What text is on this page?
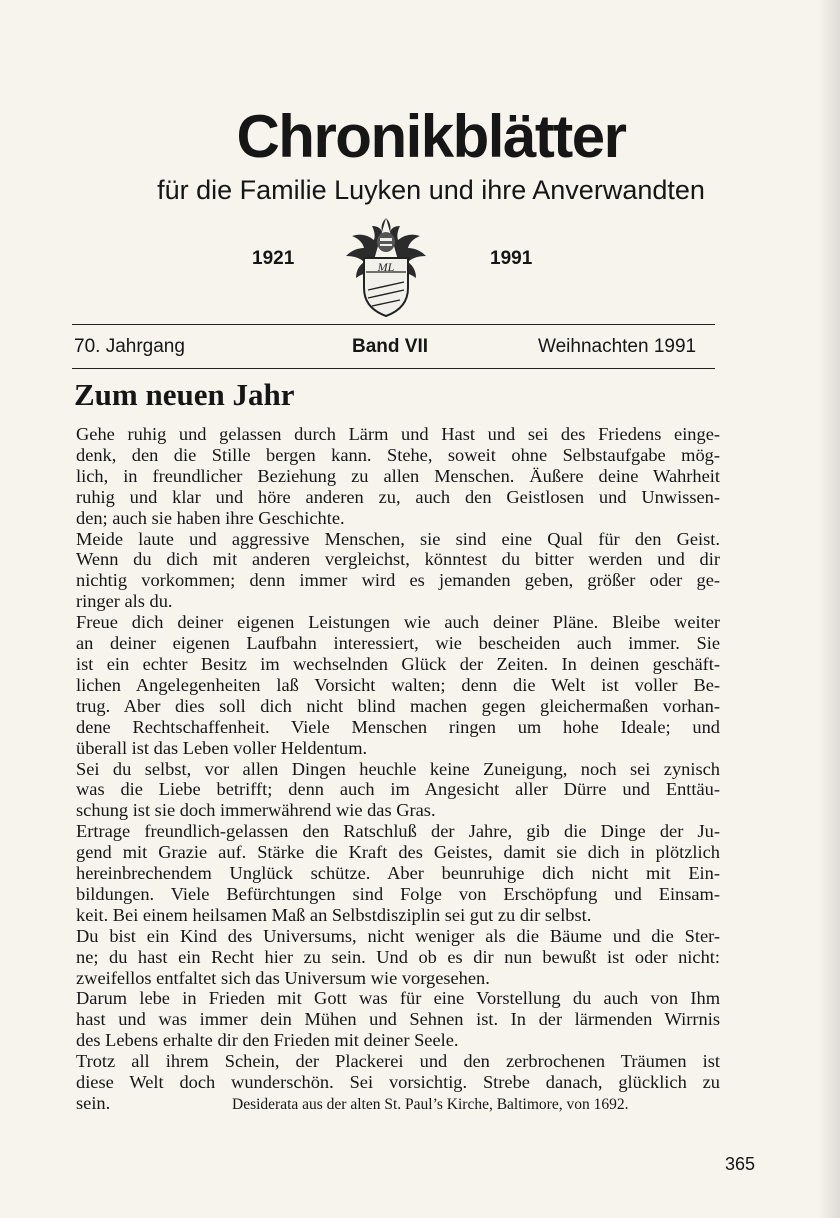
Chronikblätter
für die Familie Luyken und ihre Anverwandten
1921	ML	1991
70. Jahrgang	Band VII	Weihnachten 1991
Zum neuen Jahr
Gehe ruhig und gelassen durch Lärm und Hast und sei des Friedens einge-
denk, den die Stille bergen kann. Stehe, soweit ohne Selbstaufgabe mög-
lich, in freundlicher Beziehung zu allen Menschen. Äußere deine Wahrheit
ruhig und klar und höre anderen zu, auch den Geistlosen und Unwissen-
den; auch sie haben ihre Geschichte.
Meide laute und aggressive Menschen, sie sind eine Qual für den Geist.
Wenn du dich mit anderen vergleichst, könntest du bitter werden und dir
nichtig vorkommen; denn immer wird es jemanden geben, größer oder ge-
ringer als du.
Freue dich deiner eigenen Leistungen wie auch deiner Pläne. Bleibe weiter
an deiner eigenen Laufbahn interessiert, wie bescheiden auch immer. Sie
ist ein echter Besitz im wechselnden Glück der Zeiten. In deinen geschäft-
lichen Angelegenheiten laß Vorsicht walten; denn die Welt ist voller Be-
trug. Aber dies soll dich nicht blind machen gegen gleichermaßen vorhan-
dene Rechtschaffenheit. Viele Menschen ringen um hohe Ideale; und
überall ist das Leben voller Heldentum.
Sei du selbst, vor allen Dingen heuchle keine Zuneigung, noch sei zynisch
was die Liebe betrifft; denn auch im Angesicht aller Dürre und Enttäu-
schung ist sie doch immerwährend wie das Gras.
Ertrage freundlich-gelassen den Ratschluß der Jahre, gib die Dinge der Ju-
gend mit Grazie auf. Stärke die Kraft des Geistes, damit sie dich in plötzlich
hereinbrechendem Unglück schütze. Aber beunruhige dich nicht mit Ein-
bildungen. Viele Befürchtungen sind Folge von Erschöpfung und Einsam-
keit. Bei einem heilsamen Maß an Selbstdisziplin sei gut zu dir selbst.
Du bist ein Kind des Universums, nicht weniger als die Bäume und die Ster-
ne; du hast ein Recht hier zu sein. Und ob es dir nun bewußt ist oder nicht:
zweifellos entfaltet sich das Universum wie vorgesehen.
Darum lebe in Frieden mit Gott was für eine Vorstellung du auch von Ihm
hast und was immer dein Mühen und Sehnen ist. In der lärmenden Wirrnis
des Lebens erhalte dir den Frieden mit deiner Seele.
Trotz all ihrem Schein, der Plackerei und den zerbrochenen Träumen ist
diese Welt doch wunderschön. Sei vorsichtig. Strebe danach, glücklich zu
sein.	Desiderata aus der alten St. Paul’s Kirche, Baltimore, von 1692.
365
